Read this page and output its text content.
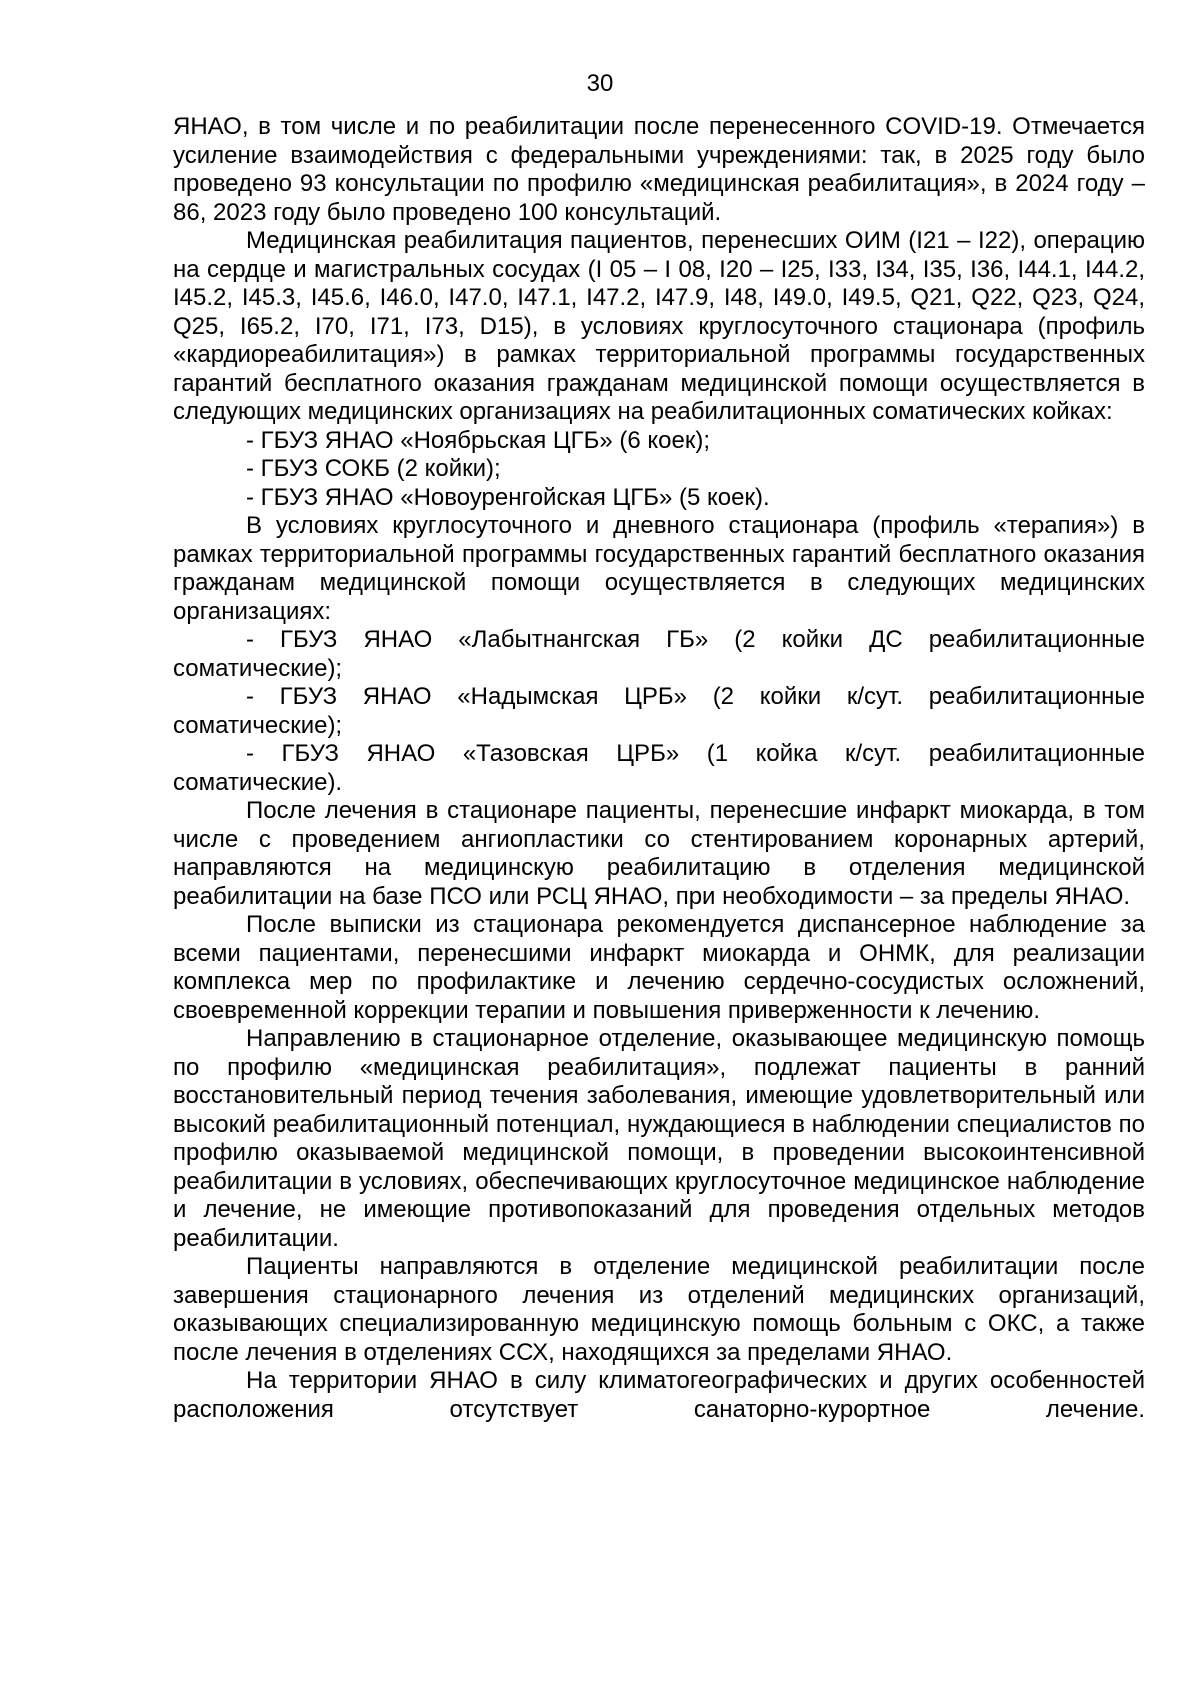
30

ЯНАО, в том числе и по реабилитации после перенесенного COVID-19. Отмечается усиление взаимодействия с федеральными учреждениями: так, в 2025 году было проведено 93 консультации по профилю «медицинская реабилитация», в 2024 году – 86, 2023 году было проведено 100 консультаций.

Медицинская реабилитация пациентов, перенесших ОИМ (I21 – I22), операцию на сердце и магистральных сосудах (I 05 – I 08, I20 – I25, I33, I34, I35, I36, I44.1, I44.2, I45.2, I45.3, I45.6, I46.0, I47.0, I47.1, I47.2, I47.9, I48, I49.0, I49.5, Q21, Q22, Q23, Q24, Q25, I65.2, I70, I71, I73, D15), в условиях круглосуточного стационара (профиль «кардиореабилитация») в рамках территориальной программы государственных гарантий бесплатного оказания гражданам медицинской помощи осуществляется в следующих медицинских организациях на реабилитационных соматических койках:

- ГБУЗ ЯНАО «Ноябрьская ЦГБ» (6 коек);

- ГБУЗ СОКБ (2 койки);

- ГБУЗ ЯНАО «Новоуренгойская ЦГБ» (5 коек).

В условиях круглосуточного и дневного стационара (профиль «терапия») в рамках территориальной программы государственных гарантий бесплатного оказания гражданам медицинской помощи осуществляется в следующих медицинских организациях:

- ГБУЗ ЯНАО «Лабытнангская ГБ» (2 койки ДС реабилитационные соматические);

- ГБУЗ ЯНАО «Надымская ЦРБ» (2 койки к/сут. реабилитационные соматические);

- ГБУЗ ЯНАО «Тазовская ЦРБ» (1 койка к/сут. реабилитационные соматические).

После лечения в стационаре пациенты, перенесшие инфаркт миокарда, в том числе с проведением ангиопластики со стентированием коронарных артерий, направляются на медицинскую реабилитацию в отделения медицинской реабилитации на базе ПСО или РСЦ ЯНАО, при необходимости – за пределы ЯНАО.

После выписки из стационара рекомендуется диспансерное наблюдение за всеми пациентами, перенесшими инфаркт миокарда и ОНМК, для реализации комплекса мер по профилактике и лечению сердечно-сосудистых осложнений, своевременной коррекции терапии и повышения приверженности к лечению.

Направлению в стационарное отделение, оказывающее медицинскую помощь по профилю «медицинская реабилитация», подлежат пациенты в ранний восстановительный период течения заболевания, имеющие удовлетворительный или высокий реабилитационный потенциал, нуждающиеся в наблюдении специалистов по профилю оказываемой медицинской помощи, в проведении высокоинтенсивной реабилитации в условиях, обеспечивающих круглосуточное медицинское наблюдение и лечение, не имеющие противопоказаний для проведения отдельных методов реабилитации.

Пациенты направляются в отделение медицинской реабилитации после завершения стационарного лечения из отделений медицинских организаций, оказывающих специализированную медицинскую помощь больным с ОКС, а также после лечения в отделениях ССХ, находящихся за пределами ЯНАО.

На территории ЯНАО в силу климатогеографических и других особенностей расположения отсутствует санаторно-курортное лечение.
